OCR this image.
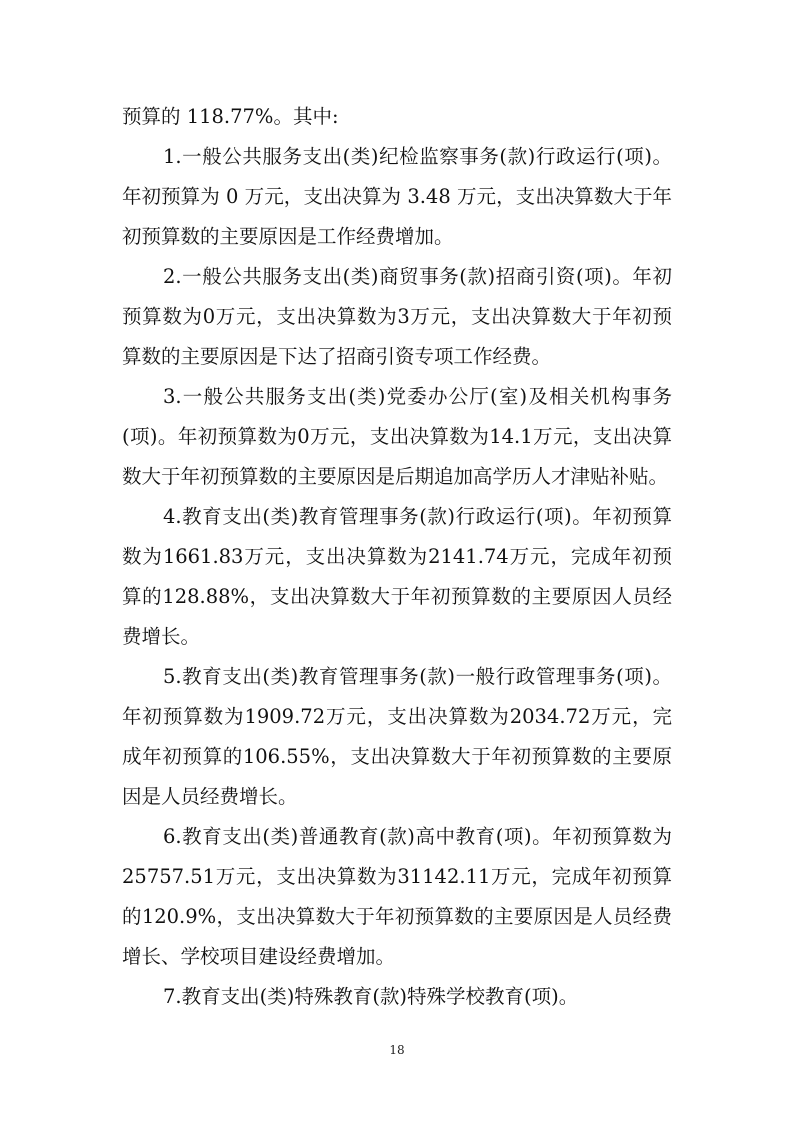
预算的 118.77%。其中:

1.一般公共服务支出(类)纪检监察事务(款)行政运行(项)。年初预算为 0 万元，支出决算为 3.48 万元，支出决算数大于年初预算数的主要原因是工作经费增加。

2.一般公共服务支出(类)商贸事务(款)招商引资(项)。年初预算数为0万元，支出决算数为3万元，支出决算数大于年初预算数的主要原因是下达了招商引资专项工作经费。

3.一般公共服务支出(类)党委办公厅(室)及相关机构事务(项)。年初预算数为0万元，支出决算数为14.1万元，支出决算数大于年初预算数的主要原因是后期追加高学历人才津贴补贴。

4.教育支出(类)教育管理事务(款)行政运行(项)。年初预算数为1661.83万元，支出决算数为2141.74万元，完成年初预算的128.88%，支出决算数大于年初预算数的主要原因人员经费增长。

5.教育支出(类)教育管理事务(款)一般行政管理事务(项)。年初预算数为1909.72万元，支出决算数为2034.72万元，完成年初预算的106.55%，支出决算数大于年初预算数的主要原因是人员经费增长。

6.教育支出(类)普通教育(款)高中教育(项)。年初预算数为25757.51万元，支出决算数为31142.11万元，完成年初预算的120.9%，支出决算数大于年初预算数的主要原因是人员经费增长、学校项目建设经费增加。

7.教育支出(类)特殊教育(款)特殊学校教育(项)。

18
